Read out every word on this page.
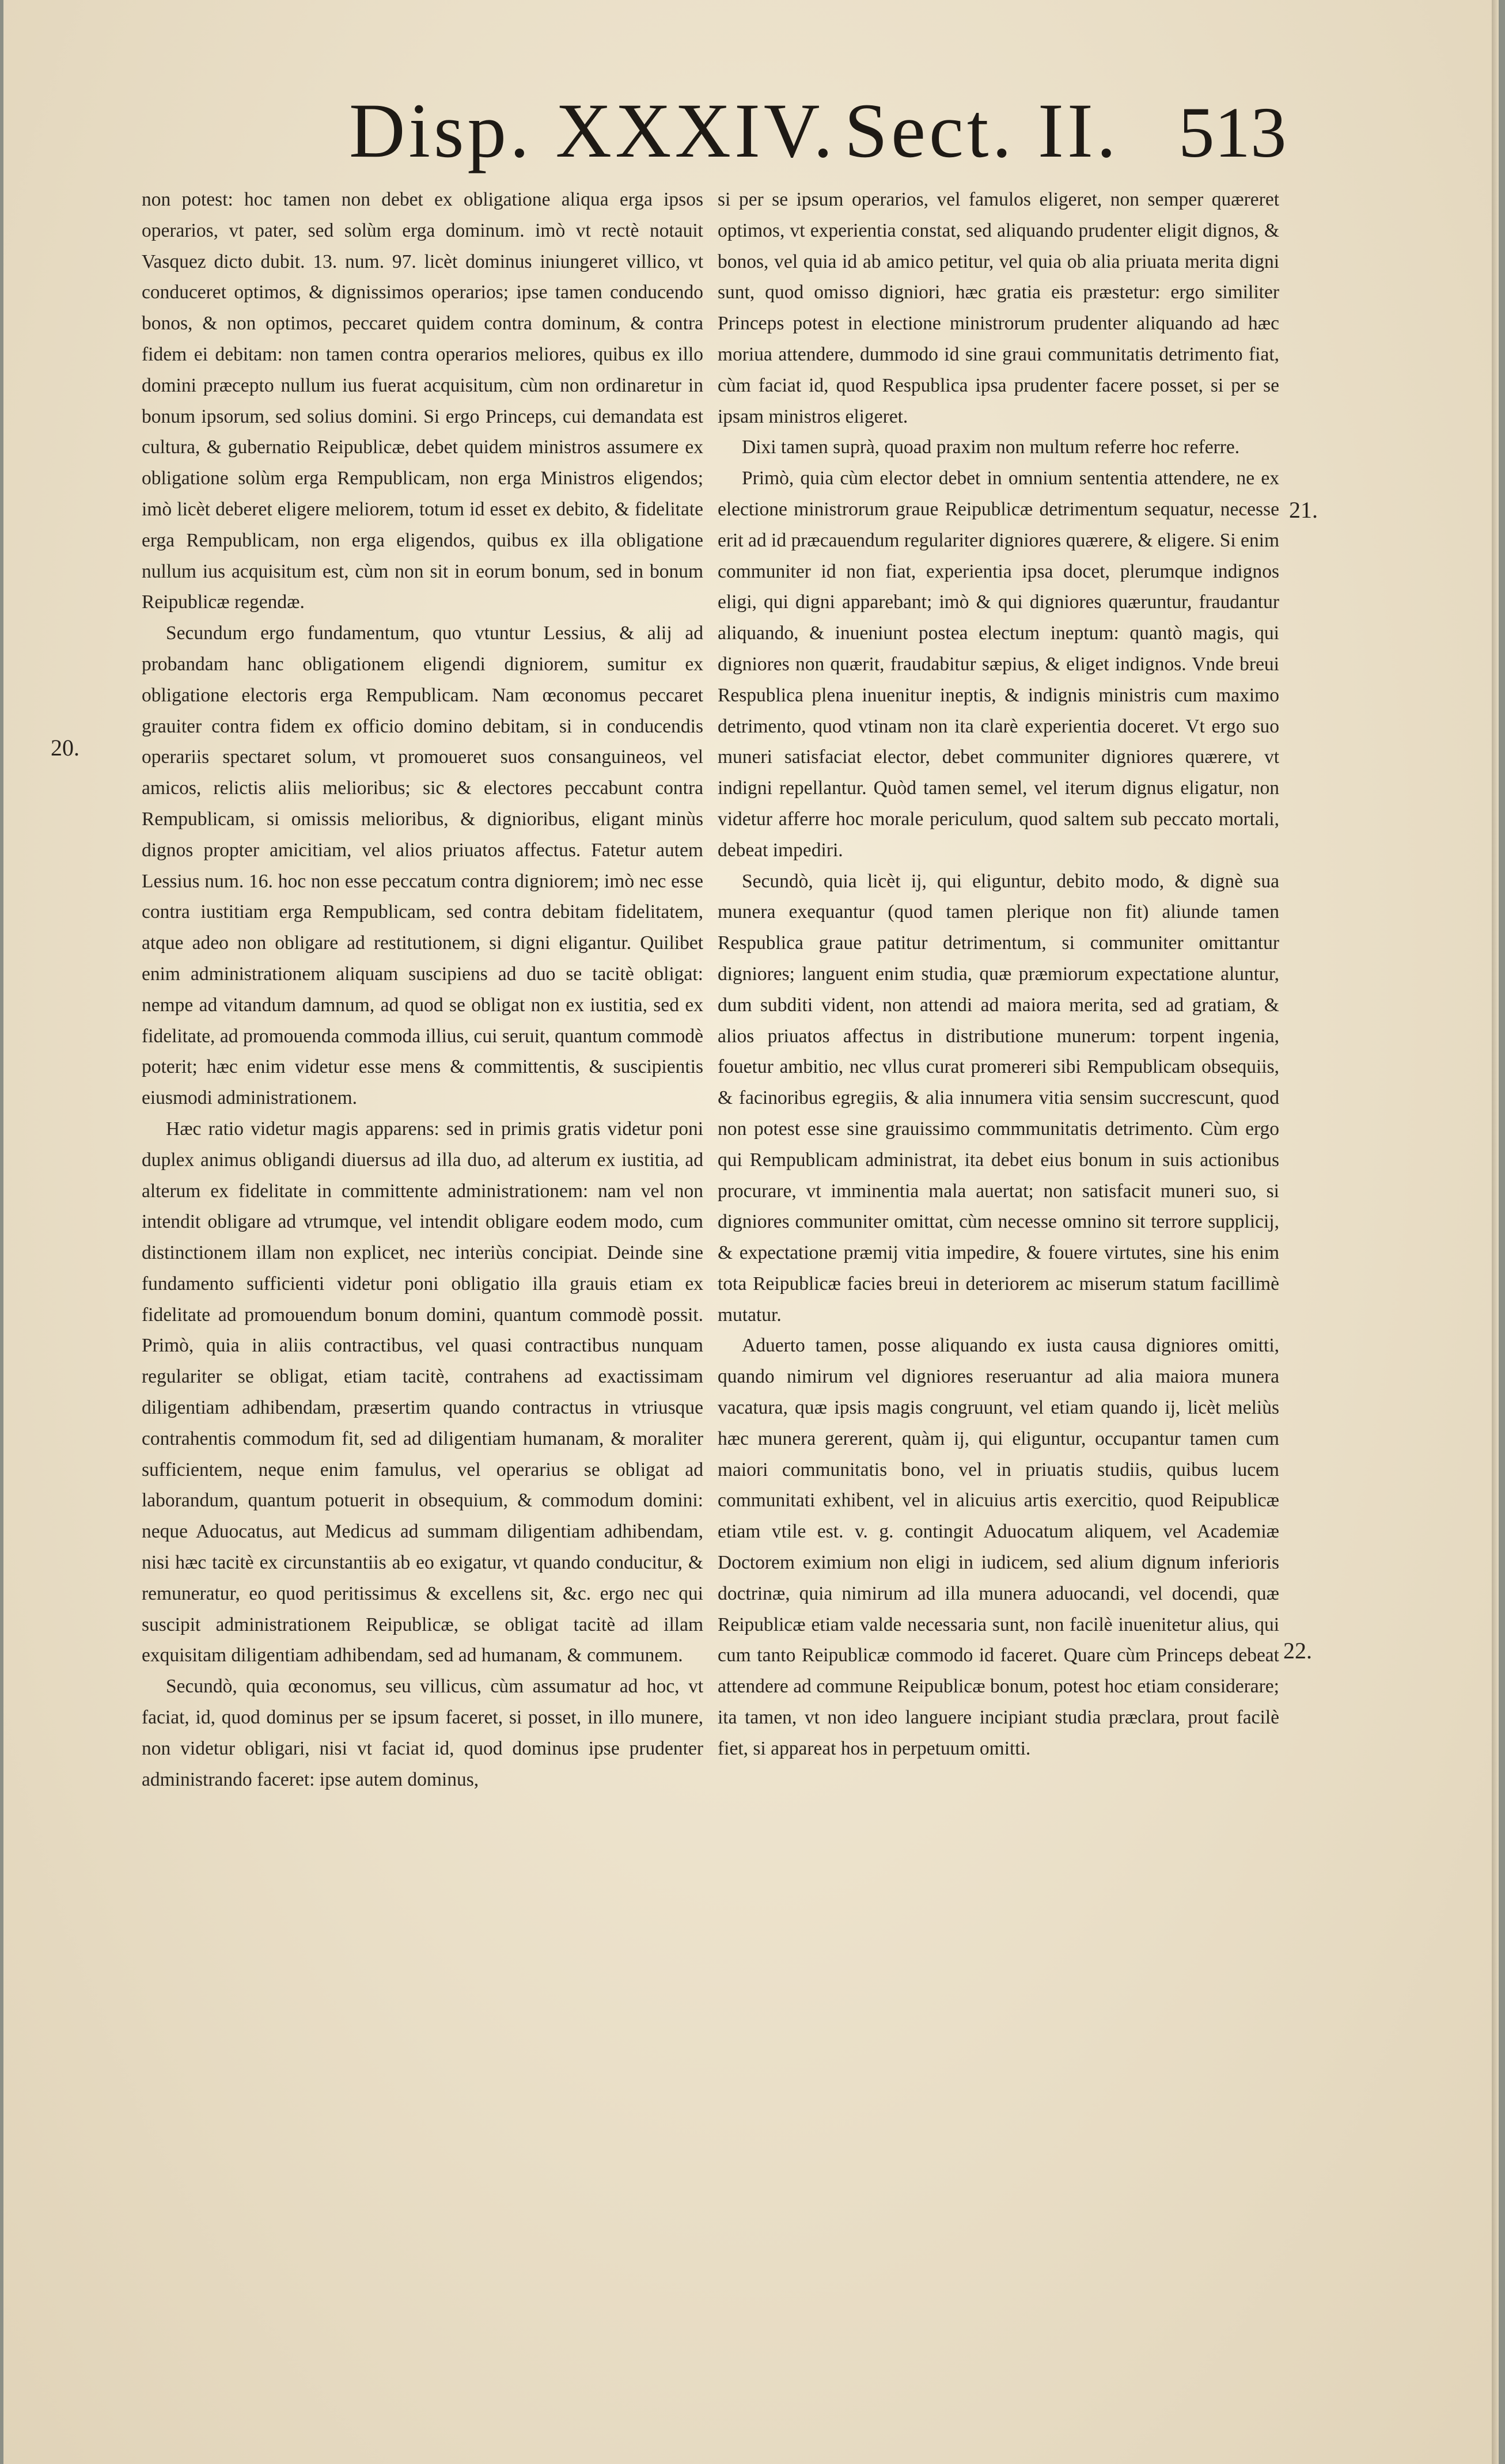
Disp. XXXIV. Sect. II. 513
20.
21.
22.

non potest: hoc tamen non debet ex obligatione aliqua erga ipsos operarios, vt pater, sed solùm erga dominum. imò vt rectè notauit Vasquez dicto dubit. 13. num. 97. licèt dominus iniungeret villico, vt conduceret optimos, & dignissimos operarios; ipse tamen conducendo bonos, & non optimos, peccaret quidem contra dominum, & contra fidem ei debitam: non tamen contra operarios meliores, quibus ex illo domini præcepto nullum ius fuerat acquisitum, cùm non ordinaretur in bonum ipsorum, sed solius domini. Si ergo Princeps, cui demandata est cultura, & gubernatio Reipublicæ, debet quidem ministros assumere ex obligatione solùm erga Rempublicam, non erga Ministros eligendos; imò licèt deberet eligere meliorem, totum id esset ex debito, & fidelitate erga Rempublicam, non erga eligendos, quibus ex illa obligatione nullum ius acquisitum est, cùm non sit in eorum bonum, sed in bonum Reipublicæ regendæ.

Secundum ergo fundamentum, quo vtuntur Lessius, & alij ad probandam hanc obligationem eligendi digniorem, sumitur ex obligatione electoris erga Rempublicam. Nam œconomus peccaret grauiter contra fidem ex officio domino debitam, si in conducendis operariis spectaret solum, vt promoueret suos consanguineos, vel amicos, relictis aliis melioribus; sic & electores peccabunt contra Rempublicam, si omissis melioribus, & dignioribus, eligant minùs dignos propter amicitiam, vel alios priuatos affectus. Fatetur autem Lessius num. 16. hoc non esse peccatum contra digniorem; imò nec esse contra iustitiam erga Rempublicam, sed contra debitam fidelitatem, atque adeo non obligare ad restitutionem, si digni eligantur. Quilibet enim administrationem aliquam suscipiens ad duo se tacitè obligat: nempe ad vitandum damnum, ad quod se obligat non ex iustitia, sed ex fidelitate, ad promouenda commoda illius, cui seruit, quantum commodè poterit; hæc enim videtur esse mens & committentis, & suscipientis eiusmodi administrationem.

Hæc ratio videtur magis apparens: sed in primis gratis videtur poni duplex animus obligandi diuersus ad illa duo, ad alterum ex iustitia, ad alterum ex fidelitate in committente administrationem: nam vel non intendit obligare ad vtrumque, vel intendit obligare eodem modo, cum distinctionem illam non explicet, nec interiùs concipiat. Deinde sine fundamento sufficienti videtur poni obligatio illa grauis etiam ex fidelitate ad promouendum bonum domini, quantum commodè possit. Primò, quia in aliis contractibus, vel quasi contractibus nunquam regulariter se obligat, etiam tacitè, contrahens ad exactissimam diligentiam adhibendam, præsertim quando contractus in vtriusque contrahentis commodum fit, sed ad diligentiam humanam, & moraliter sufficientem, neque enim famulus, vel operarius se obligat ad laborandum, quantum potuerit in obsequium, & commodum domini: neque Aduocatus, aut Medicus ad summam diligentiam adhibendam, nisi hæc tacitè ex circunstantiis ab eo exigatur, vt quando conducitur, & remuneratur, eo quod peritissimus & excellens sit, &c. ergo nec qui suscipit administrationem Reipublicæ, se obligat tacitè ad illam exquisitam diligentiam adhibendam, sed ad humanam, & communem.

Secundò, quia œconomus, seu villicus, cùm assumatur ad hoc, vt faciat, id, quod dominus per se ipsum faceret, si posset, in illo munere, non videtur obligari, nisi vt faciat id, quod dominus ipse prudenter administrando faceret: ipse autem dominus,

si per se ipsum operarios, vel famulos eligeret, non semper quæreret optimos, vt experientia constat, sed aliquando prudenter eligit dignos, & bonos, vel quia id ab amico petitur, vel quia ob alia priuata merita digni sunt, quod omisso digniori, hæc gratia eis præstetur: ergo similiter Princeps potest in electione ministrorum prudenter aliquando ad hæc moriua attendere, dummodo id sine graui communitatis detrimento fiat, cùm faciat id, quod Respublica ipsa prudenter facere posset, si per se ipsam ministros eligeret.

Dixi tamen suprà, quoad praxim non multum referre hoc referre.

Primò, quia cùm elector debet in omnium sententia attendere, ne ex electione ministrorum graue Reipublicæ detrimentum sequatur, necesse erit ad id præcauendum regulariter digniores quærere, & eligere. Si enim communiter id non fiat, experientia ipsa docet, plerumque indignos eligi, qui digni apparebant; imò & qui digniores quæruntur, fraudantur aliquando, & inueniunt postea electum ineptum: quantò magis, qui digniores non quærit, fraudabitur sæpius, & eliget indignos. Vnde breui Respublica plena inuenitur ineptis, & indignis ministris cum maximo detrimento, quod vtinam non ita clarè experientia doceret. Vt ergo suo muneri satisfaciat elector, debet communiter digniores quærere, vt indigni repellantur. Quòd tamen semel, vel iterum dignus eligatur, non videtur afferre hoc morale periculum, quod saltem sub peccato mortali, debeat impediri.

Secundò, quia licèt ij, qui eliguntur, debito modo, & dignè sua munera exequantur (quod tamen plerique non fit) aliunde tamen Respublica graue patitur detrimentum, si communiter omittantur digniores; languent enim studia, quæ præmiorum expectatione aluntur, dum subditi vident, non attendi ad maiora merita, sed ad gratiam, & alios priuatos affectus in distributione munerum: torpent ingenia, fouetur ambitio, nec vllus curat promereri sibi Rempublicam obsequiis, & facinoribus egregiis, & alia innumera vitia sensim succrescunt, quod non potest esse sine grauissimo commmunitatis detrimento. Cùm ergo qui Rempublicam administrat, ita debet eius bonum in suis actionibus procurare, vt imminentia mala auertat; non satisfacit muneri suo, si digniores communiter omittat, cùm necesse omnino sit terrore supplicij, & expectatione præmij vitia impedire, & fouere virtutes, sine his enim tota Reipublicæ facies breui in deteriorem ac miserum statum facillimè mutatur.

Aduerto tamen, posse aliquando ex iusta causa digniores omitti, quando nimirum vel digniores reseruantur ad alia maiora munera vacatura, quæ ipsis magis congruunt, vel etiam quando ij, licèt meliùs hæc munera gererent, quàm ij, qui eliguntur, occupantur tamen cum maiori communitatis bono, vel in priuatis studiis, quibus lucem communitati exhibent, vel in alicuius artis exercitio, quod Reipublicæ etiam vtile est. v. g. contingit Aduocatum aliquem, vel Academiæ Doctorem eximium non eligi in iudicem, sed alium dignum inferioris doctrinæ, quia nimirum ad illa munera aduocandi, vel docendi, quæ Reipublicæ etiam valde necessaria sunt, non facilè inuenitetur alius, qui cum tanto Reipublicæ commodo id faceret. Quare cùm Princeps debeat attendere ad commune Reipublicæ bonum, potest hoc etiam considerare; ita tamen, vt non ideo languere incipiant studia præclara, prout facilè fiet, si appareat hos in perpetuum omitti.
